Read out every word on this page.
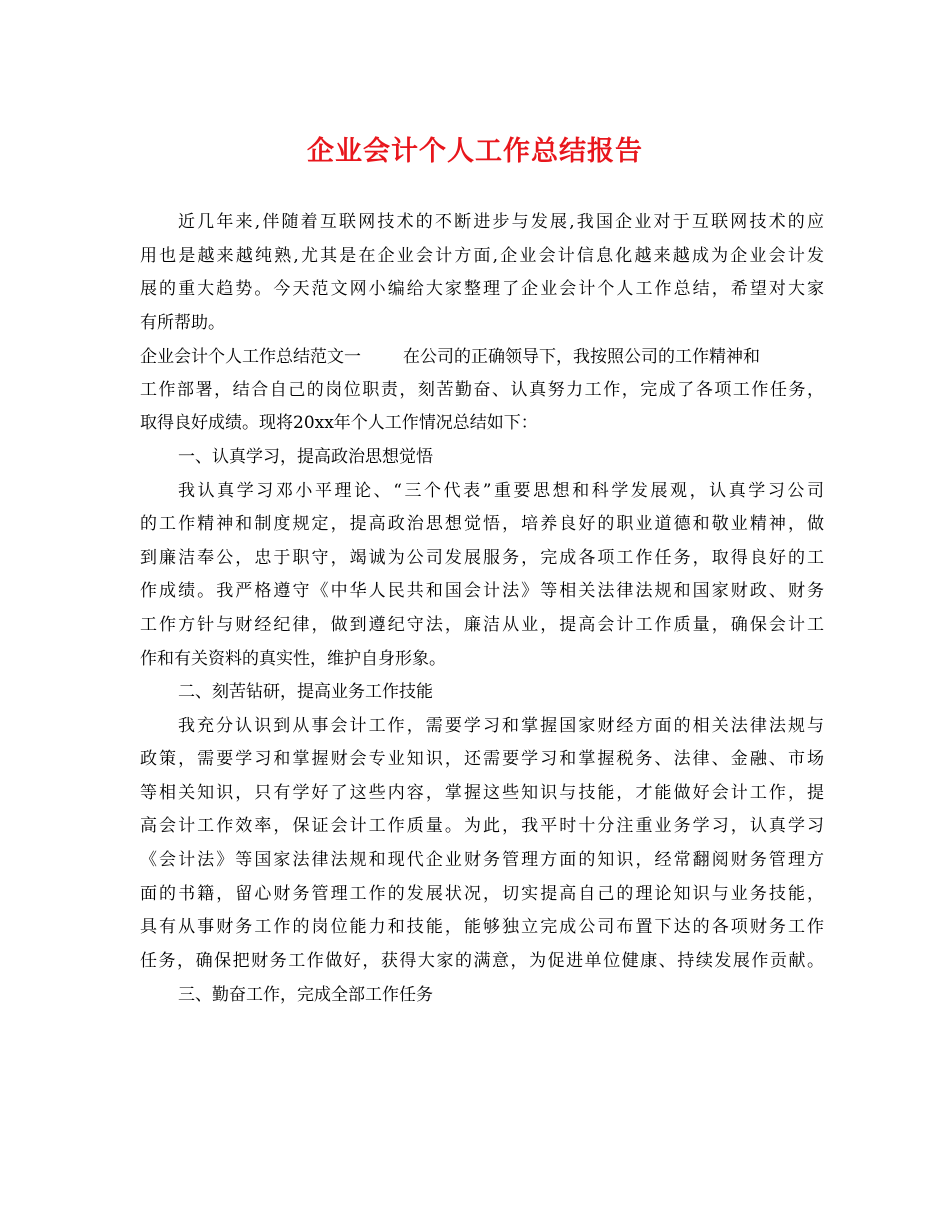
企业会计个人工作总结报告

近几年来,伴随着互联网技术的不断进步与发展,我国企业对于互联网技术的应

用也是越来越纯熟,尤其是在企业会计方面,企业会计信息化越来越成为企业会计发

展的重大趋势。今天范文网小编给大家整理了企业会计个人工作总结，希望对大家

有所帮助。

企业会计个人工作总结范文一 在公司的正确领导下，我按照公司的工作精神和

工作部署，结合自己的岗位职责，刻苦勤奋、认真努力工作，完成了各项工作任务，

取得良好成绩。现将20xx年个人工作情况总结如下：

一、认真学习，提高政治思想觉悟

我认真学习邓小平理论、“三个代表”重要思想和科学发展观，认真学习公司

的工作精神和制度规定，提高政治思想觉悟，培养良好的职业道德和敬业精神，做

到廉洁奉公，忠于职守，竭诚为公司发展服务，完成各项工作任务，取得良好的工

作成绩。我严格遵守《中华人民共和国会计法》等相关法律法规和国家财政、财务

工作方针与财经纪律，做到遵纪守法，廉洁从业，提高会计工作质量，确保会计工

作和有关资料的真实性，维护自身形象。

二、刻苦钻研，提高业务工作技能

我充分认识到从事会计工作，需要学习和掌握国家财经方面的相关法律法规与

政策，需要学习和掌握财会专业知识，还需要学习和掌握税务、法律、金融、市场

等相关知识，只有学好了这些内容，掌握这些知识与技能，才能做好会计工作，提

高会计工作效率，保证会计工作质量。为此，我平时十分注重业务学习，认真学习

《会计法》等国家法律法规和现代企业财务管理方面的知识，经常翻阅财务管理方

面的书籍，留心财务管理工作的发展状况，切实提高自己的理论知识与业务技能，

具有从事财务工作的岗位能力和技能，能够独立完成公司布置下达的各项财务工作

任务，确保把财务工作做好，获得大家的满意，为促进单位健康、持续发展作贡献。

三、勤奋工作，完成全部工作任务
